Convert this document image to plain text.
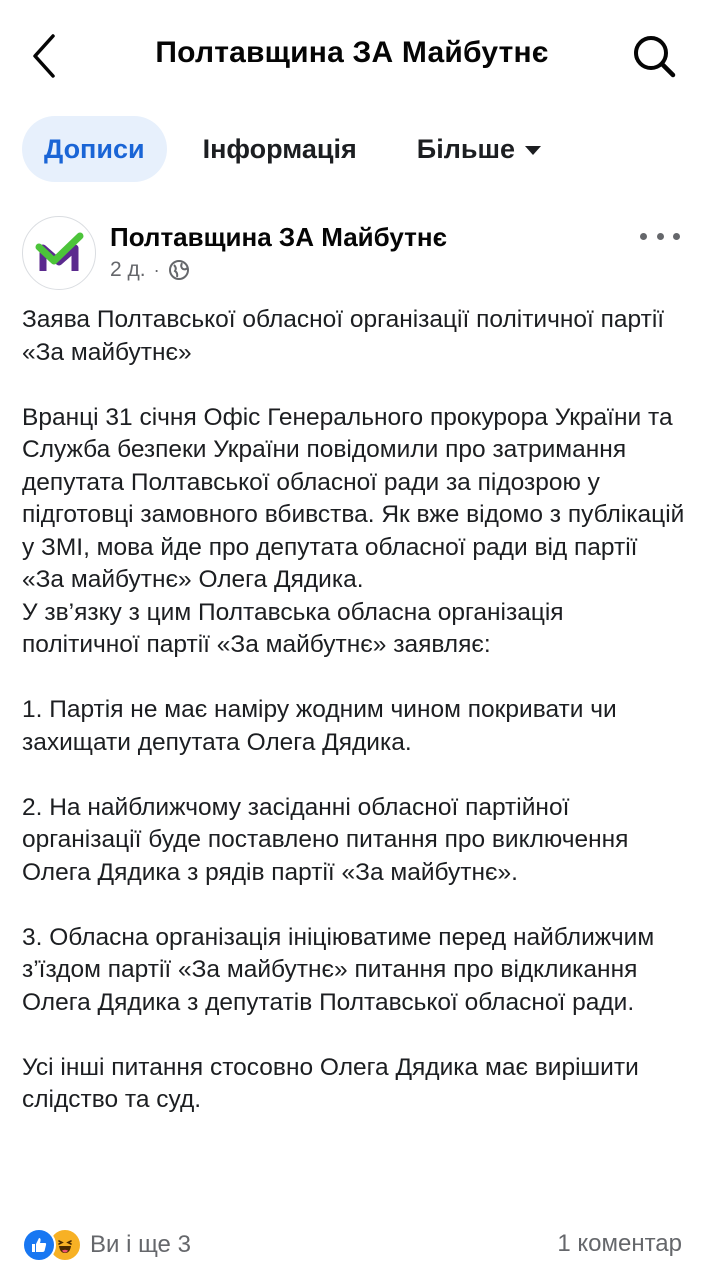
Полтавщина ЗА Майбутнє
Дописи	Інформація Більше
Полтавщина ЗА Майбутнє
2 д. ·

Заява Полтавської обласної організації політичної партії «За майбутнє»

Вранці 31 січня Офіс Генерального прокурора України та Служба безпеки України повідомили про затримання депутата Полтавської обласної ради за підозрою у підготовці замовного вбивства. Як вже відомо з публікацій у ЗМІ, мова йде про депутата обласної ради від партії «За майбутнє» Олега Дядика.

У зв’язку з цим Полтавська обласна організація політичної партії «За майбутнє» заявляє:

1. Партія не має наміру жодним чином покривати чи захищати депутата Олега Дядика.

2. На найближчому засіданні обласної партійної організації буде поставлено питання про виключення Олега Дядика з рядів партії «За майбутнє».

3. Обласна організація ініціюватиме перед найближчим з’їздом партії «За майбутнє» питання про відкликання Олега Дядика з депутатів Полтавської обласної ради.

Усі інші питання стосовно Олега Дядика має вирішити слідство та суд.

Ви і ще 3	1 коментар
